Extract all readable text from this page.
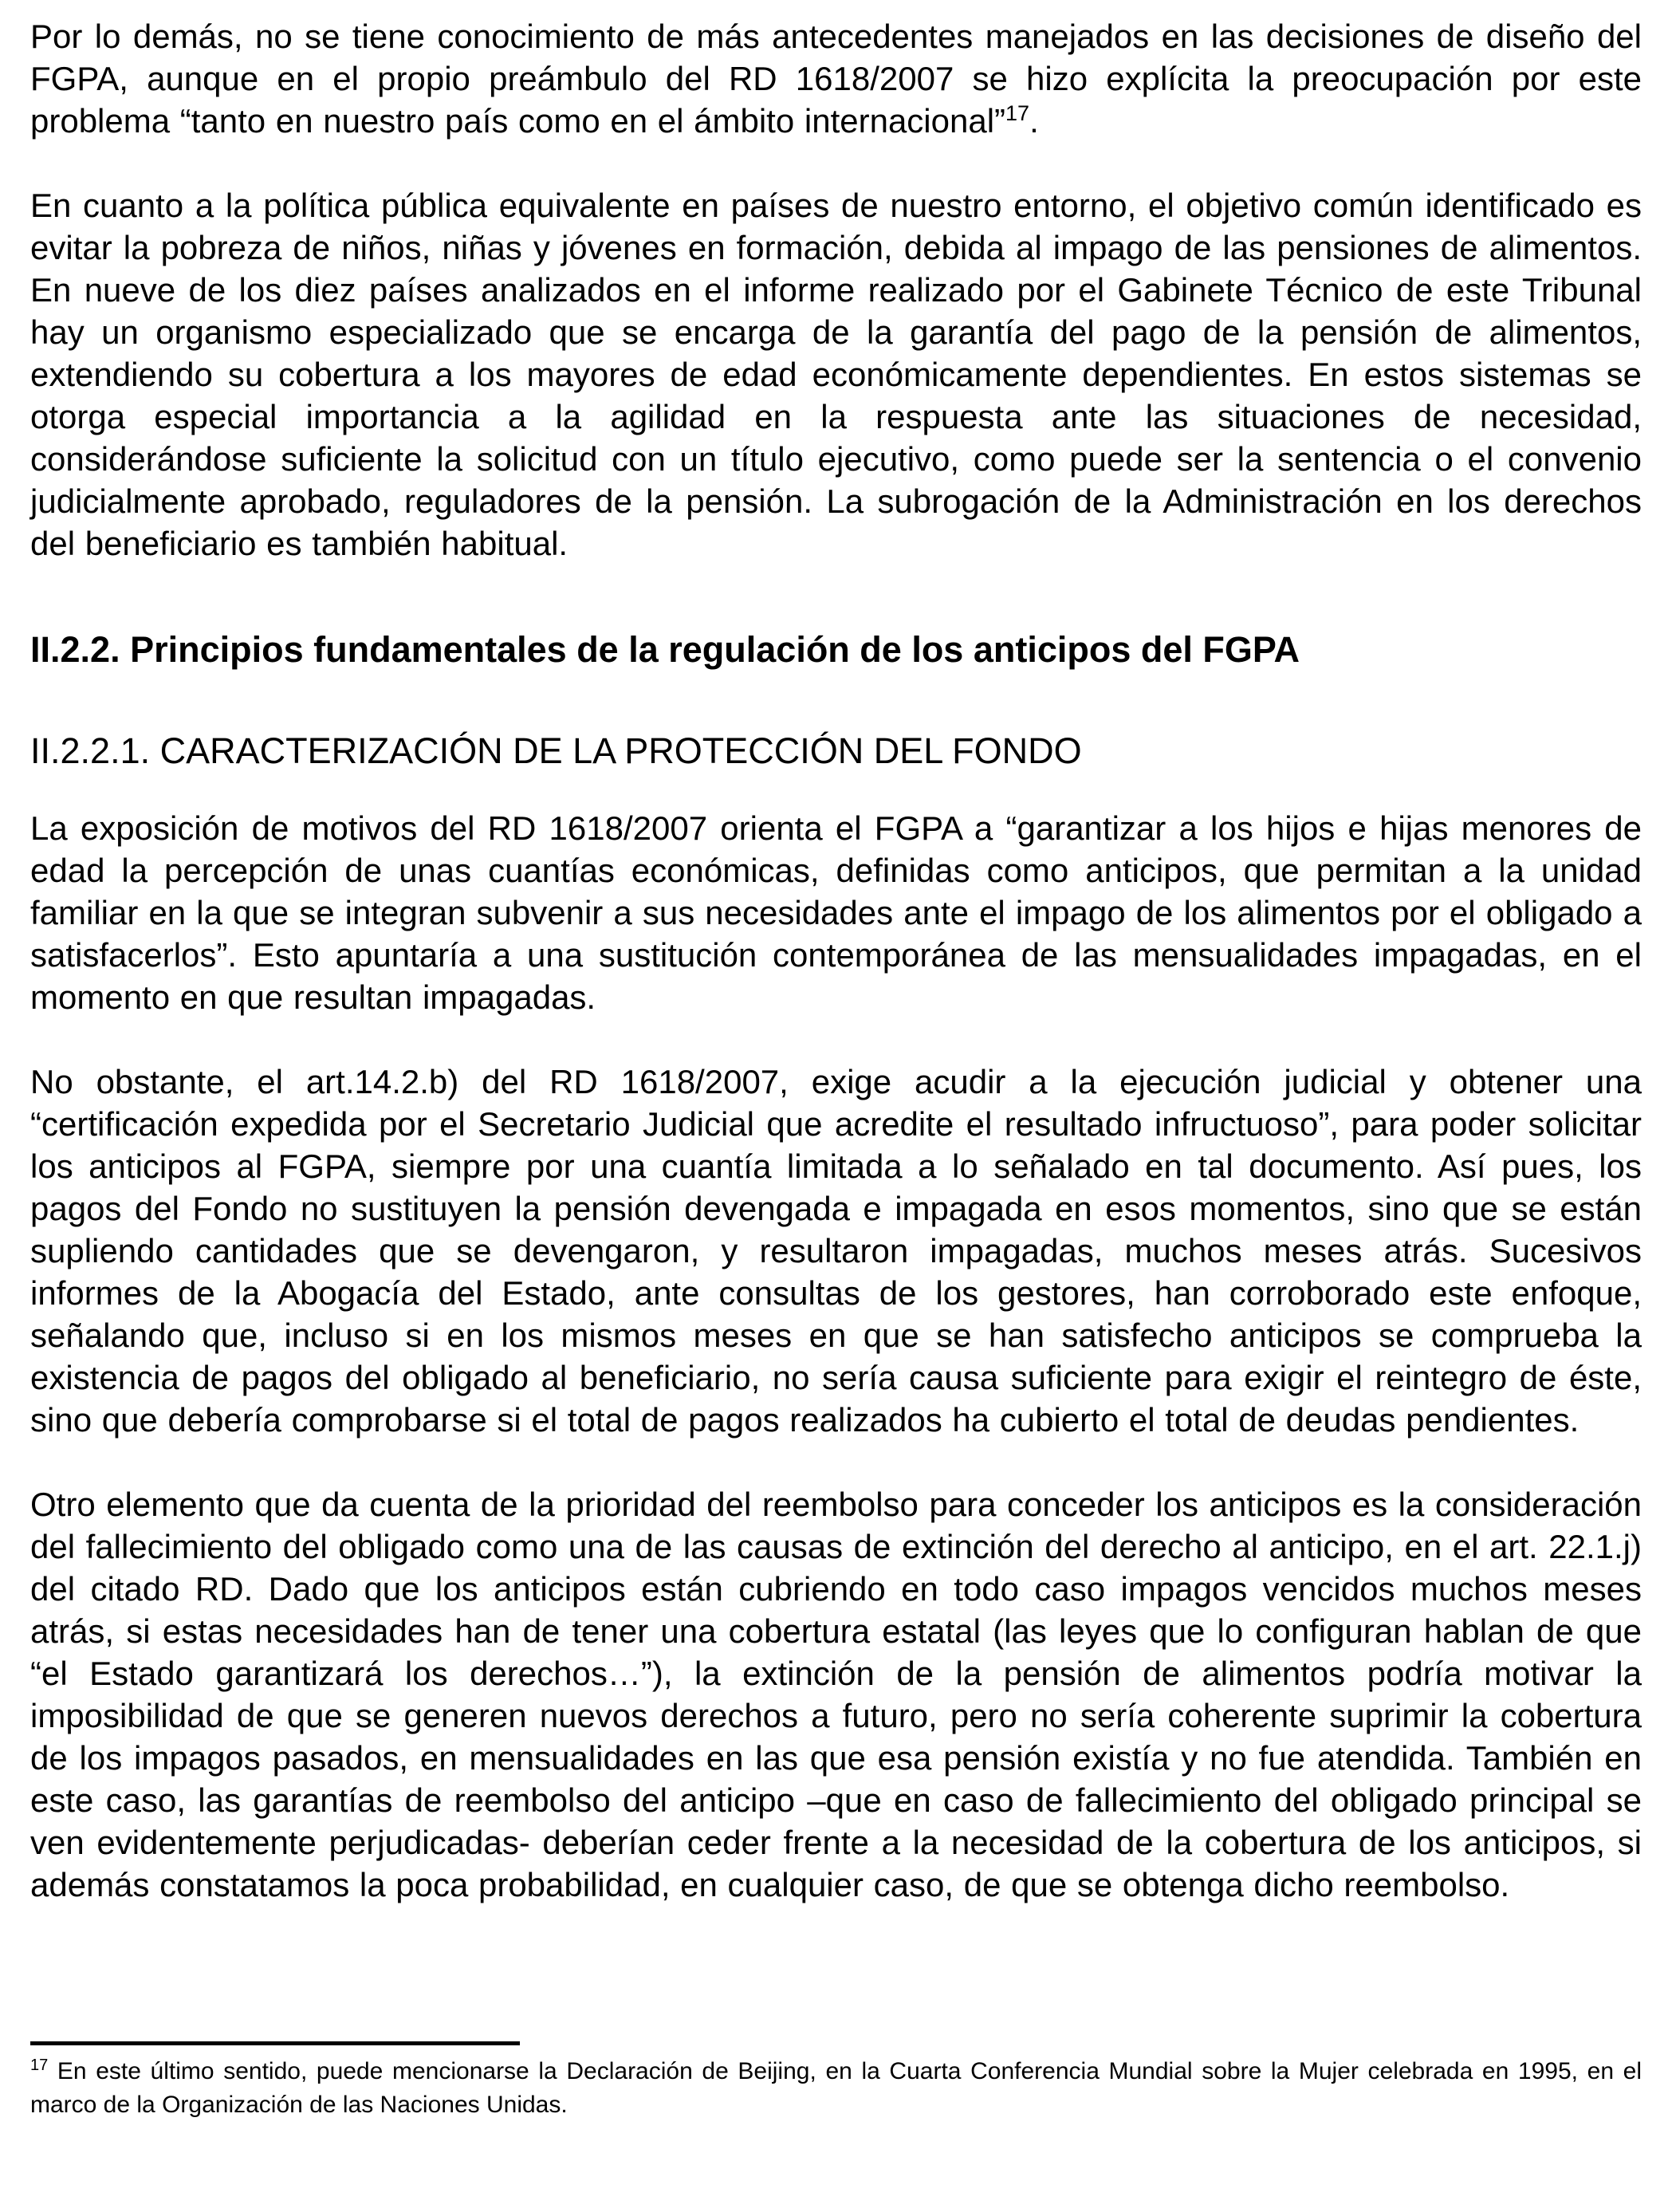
Por lo demás, no se tiene conocimiento de más antecedentes manejados en las decisiones de diseño del FGPA, aunque en el propio preámbulo del RD 1618/2007 se hizo explícita la preocupación por este problema “tanto en nuestro país como en el ámbito internacional”$^{17}$.

En cuanto a la política pública equivalente en países de nuestro entorno, el objetivo común identificado es evitar la pobreza de niños, niñas y jóvenes en formación, debida al impago de las pensiones de alimentos. En nueve de los diez países analizados en el informe realizado por el Gabinete Técnico de este Tribunal hay un organismo especializado que se encarga de la garantía del pago de la pensión de alimentos, extendiendo su cobertura a los mayores de edad económicamente dependientes. En estos sistemas se otorga especial importancia a la agilidad en la respuesta ante las situaciones de necesidad, considerándose suficiente la solicitud con un título ejecutivo, como puede ser la sentencia o el convenio judicialmente aprobado, reguladores de la pensión. La subrogación de la Administración en los derechos del beneficiario es también habitual.

II.2.2. Principios fundamentales de la regulación de los anticipos del FGPA
II.2.2.1. CARACTERIZACIÓN DE LA PROTECCIÓN DEL FONDO

La exposición de motivos del RD 1618/2007 orienta el FGPA a “garantizar a los hijos e hijas menores de edad la percepción de unas cuantías económicas, definidas como anticipos, que permitan a la unidad familiar en la que se integran subvenir a sus necesidades ante el impago de los alimentos por el obligado a satisfacerlos”. Esto apuntaría a una sustitución contemporánea de las mensualidades impagadas, en el momento en que resultan impagadas.

No obstante, el art.14.2.b) del RD 1618/2007, exige acudir a la ejecución judicial y obtener una “certificación expedida por el Secretario Judicial que acredite el resultado infructuoso”, para poder solicitar los anticipos al FGPA, siempre por una cuantía limitada a lo señalado en tal documento. Así pues, los pagos del Fondo no sustituyen la pensión devengada e impagada en esos momentos, sino que se están supliendo cantidades que se devengaron, y resultaron impagadas, muchos meses atrás. Sucesivos informes de la Abogacía del Estado, ante consultas de los gestores, han corroborado este enfoque, señalando que, incluso si en los mismos meses en que se han satisfecho anticipos se comprueba la existencia de pagos del obligado al beneficiario, no sería causa suficiente para exigir el reintegro de éste, sino que debería comprobarse si el total de pagos realizados ha cubierto el total de deudas pendientes.

Otro elemento que da cuenta de la prioridad del reembolso para conceder los anticipos es la consideración del fallecimiento del obligado como una de las causas de extinción del derecho al anticipo, en el art. 22.1.j) del citado RD. Dado que los anticipos están cubriendo en todo caso impagos vencidos muchos meses atrás, si estas necesidades han de tener una cobertura estatal (las leyes que lo configuran hablan de que “el Estado garantizará los derechos…”), la extinción de la pensión de alimentos podría motivar la imposibilidad de que se generen nuevos derechos a futuro, pero no sería coherente suprimir la cobertura de los impagos pasados, en mensualidades en las que esa pensión existía y no fue atendida. También en este caso, las garantías de reembolso del anticipo –que en caso de fallecimiento del obligado principal se ven evidentemente perjudicadas- deberían ceder frente a la necesidad de la cobertura de los anticipos, si además constatamos la poca probabilidad, en cualquier caso, de que se obtenga dicho reembolso.

$^{17}$ En este último sentido, puede mencionarse la Declaración de Beijing, en la Cuarta Conferencia Mundial sobre la Mujer celebrada en 1995, en el marco de la Organización de las Naciones Unidas.
